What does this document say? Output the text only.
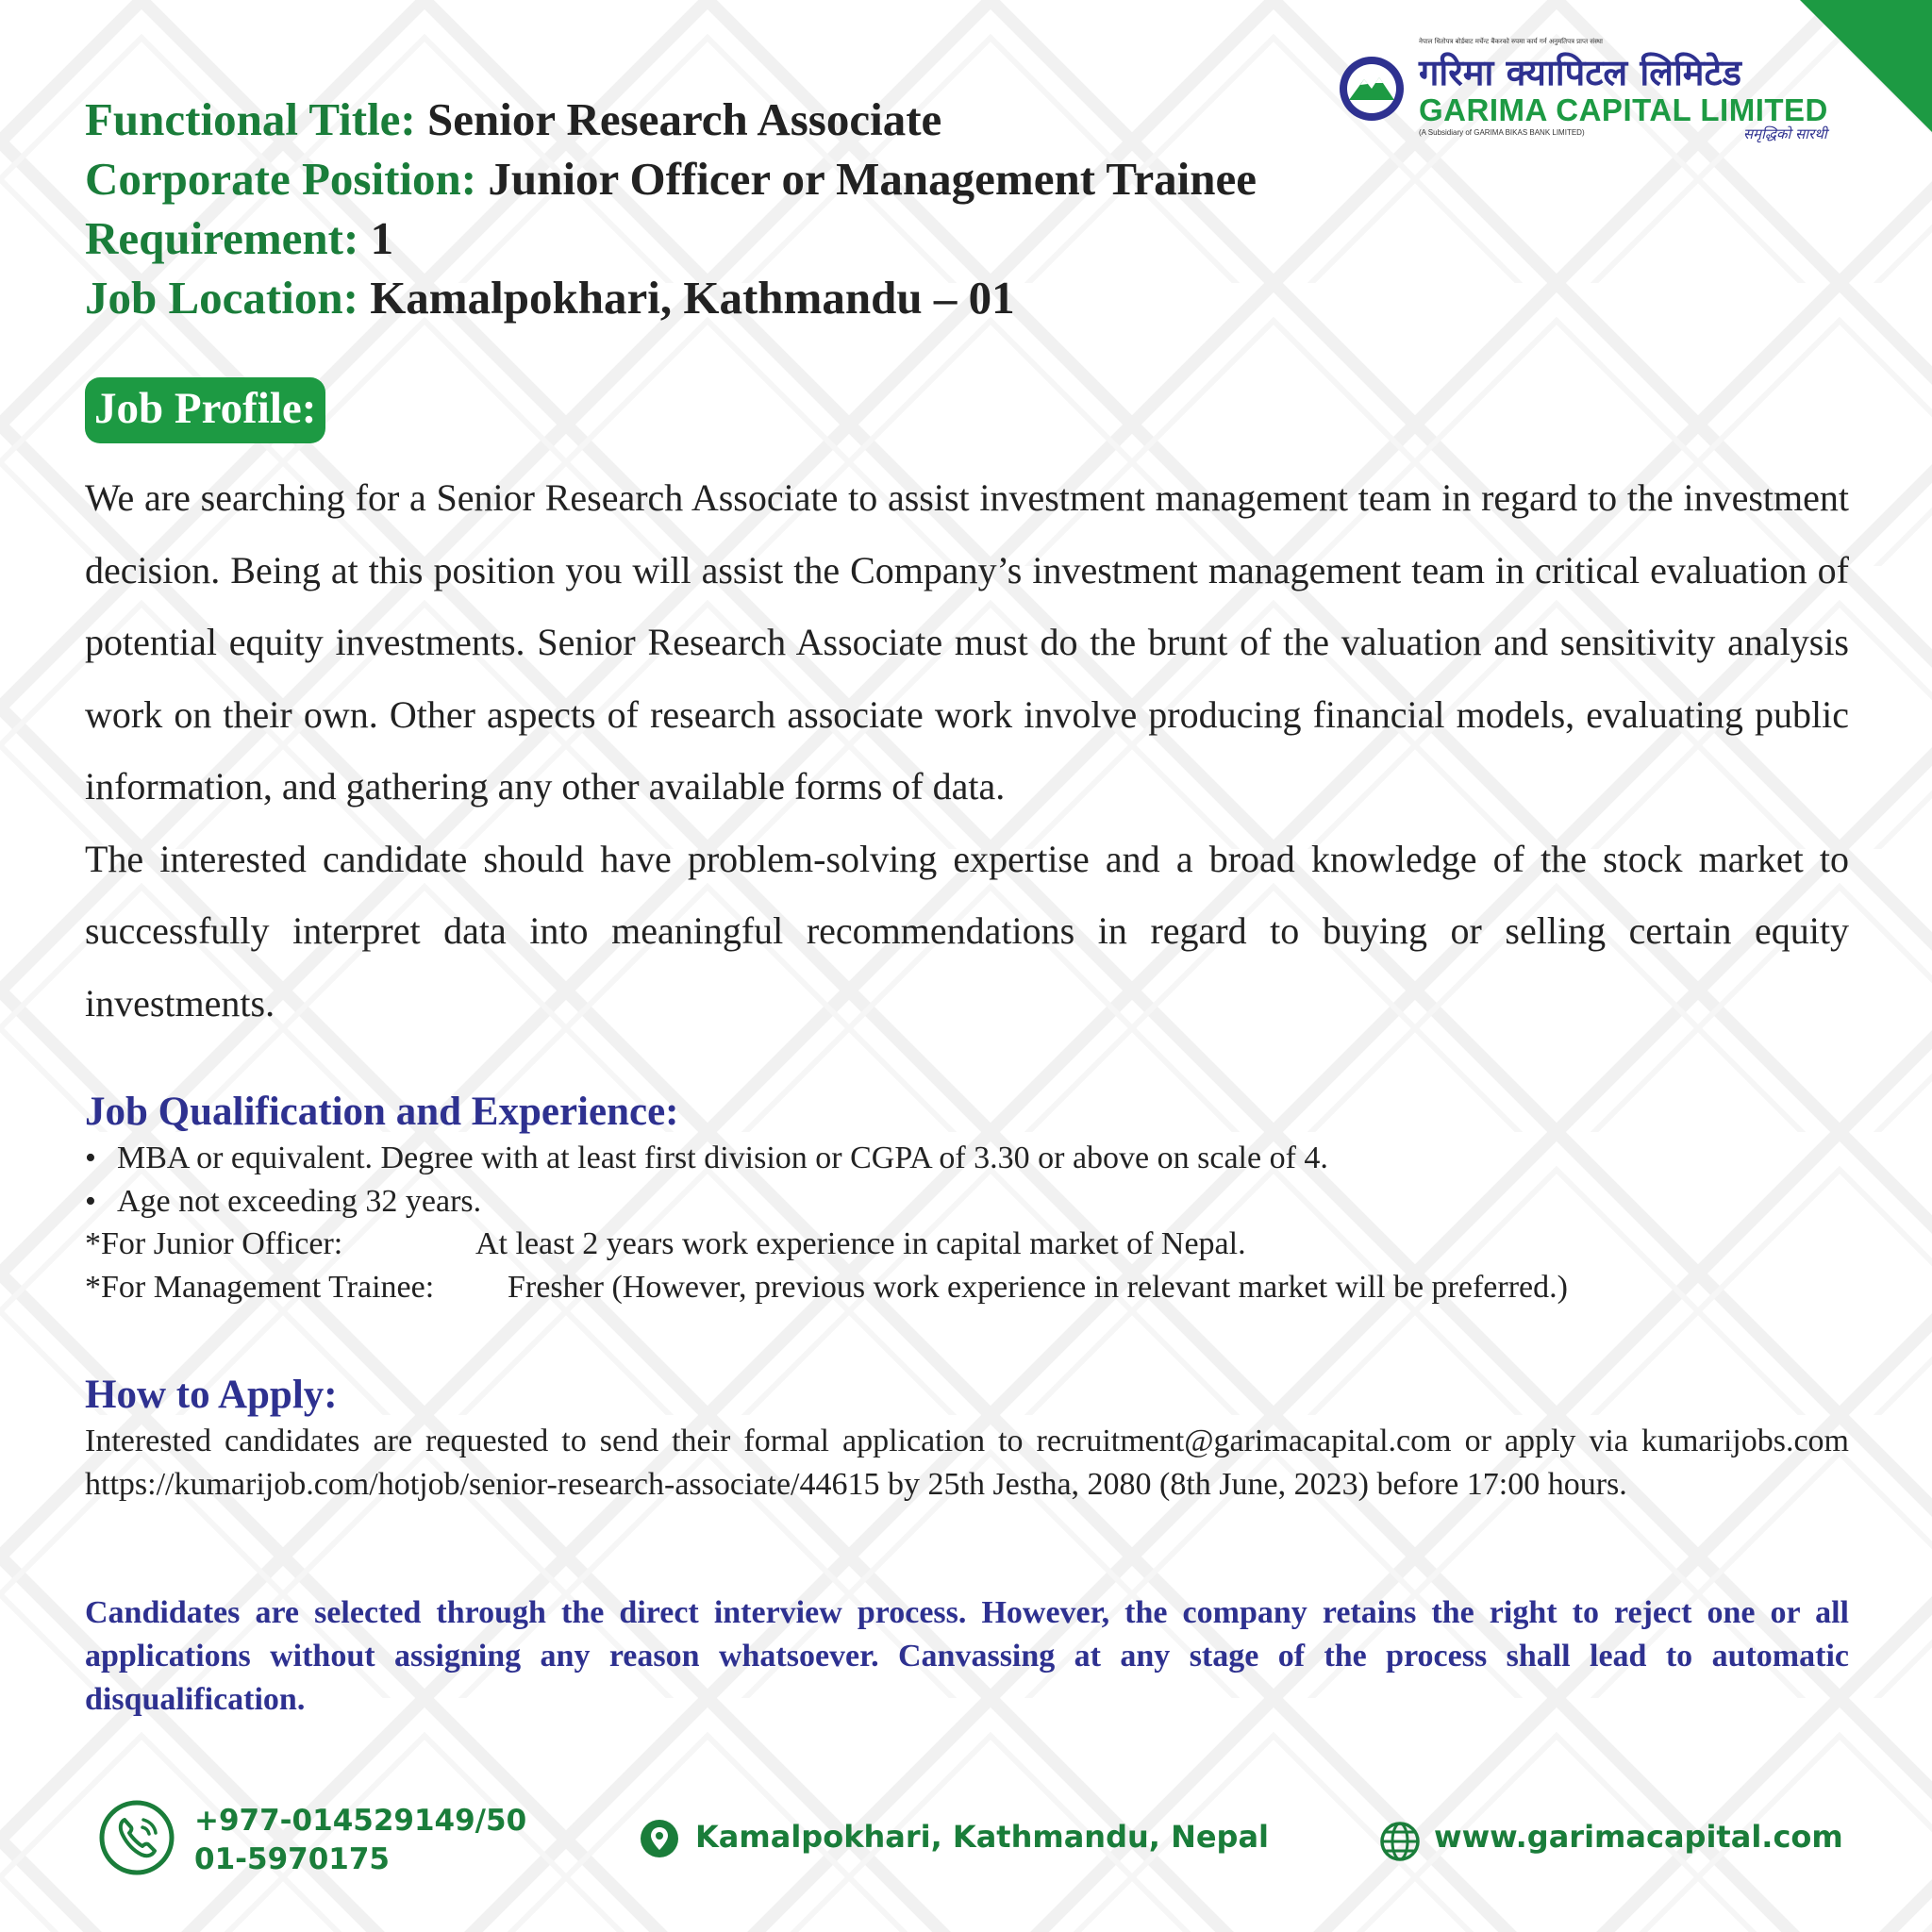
नेपाल धितोपत्र बोर्डबाट मर्चेन्ट बैंकरको रुपमा कार्य गर्न अनुमतिपत्र प्राप्त संस्था
गरिमा क्यापिटल लिमिटेड
GARIMA CAPITAL LIMITED
(A Subsidiary of GARIMA BIKAS BANK LIMITED)	समृद्धिको सारथी
Functional Title: Senior Research Associate
Corporate Position: Junior Officer or Management Trainee
Requirement: 1
Job Location: Kamalpokhari, Kathmandu – 01
Job Profile:

We are searching for a Senior Research Associate to assist investment management team in regard to the investment decision. Being at this position you will assist the Company’s investment management team in critical evaluation of potential equity investments. Senior Research Associate must do the brunt of the valuation and sensitivity analysis work on their own. Other aspects of research associate work involve producing financial models, evaluating public information, and gathering any other available forms of data.

The interested candidate should have problem-solving expertise and a broad knowledge of the stock market to successfully interpret data into meaningful recommendations in regard to buying or selling certain equity investments.

Job Qualification and Experience:
• MBA or equivalent. Degree with at least first division or CGPA of 3.30 or above on scale of 4.
• Age not exceeding 32 years.
*For Junior Officer:	At least 2 years work experience in capital market of Nepal.
*For Management Trainee: Fresher (However, previous work experience in relevant market will be preferred.)
How to Apply:
Interested candidates are requested to send their formal application to recruitment@garimacapital.com or apply via kumarijobs.com https://kumarijob.com/hotjob/senior-research-associate/44615 by 25th Jestha, 2080 (8th June, 2023) before 17:00 hours.
Candidates are selected through the direct interview process. However, the company retains the right to reject one or all applications without assigning any reason whatsoever. Canvassing at any stage of the process shall lead to automatic disqualification.
+977-014529149/50
01-5970175
Kamalpokhari, Kathmandu, Nepal	www.garimacapital.com
